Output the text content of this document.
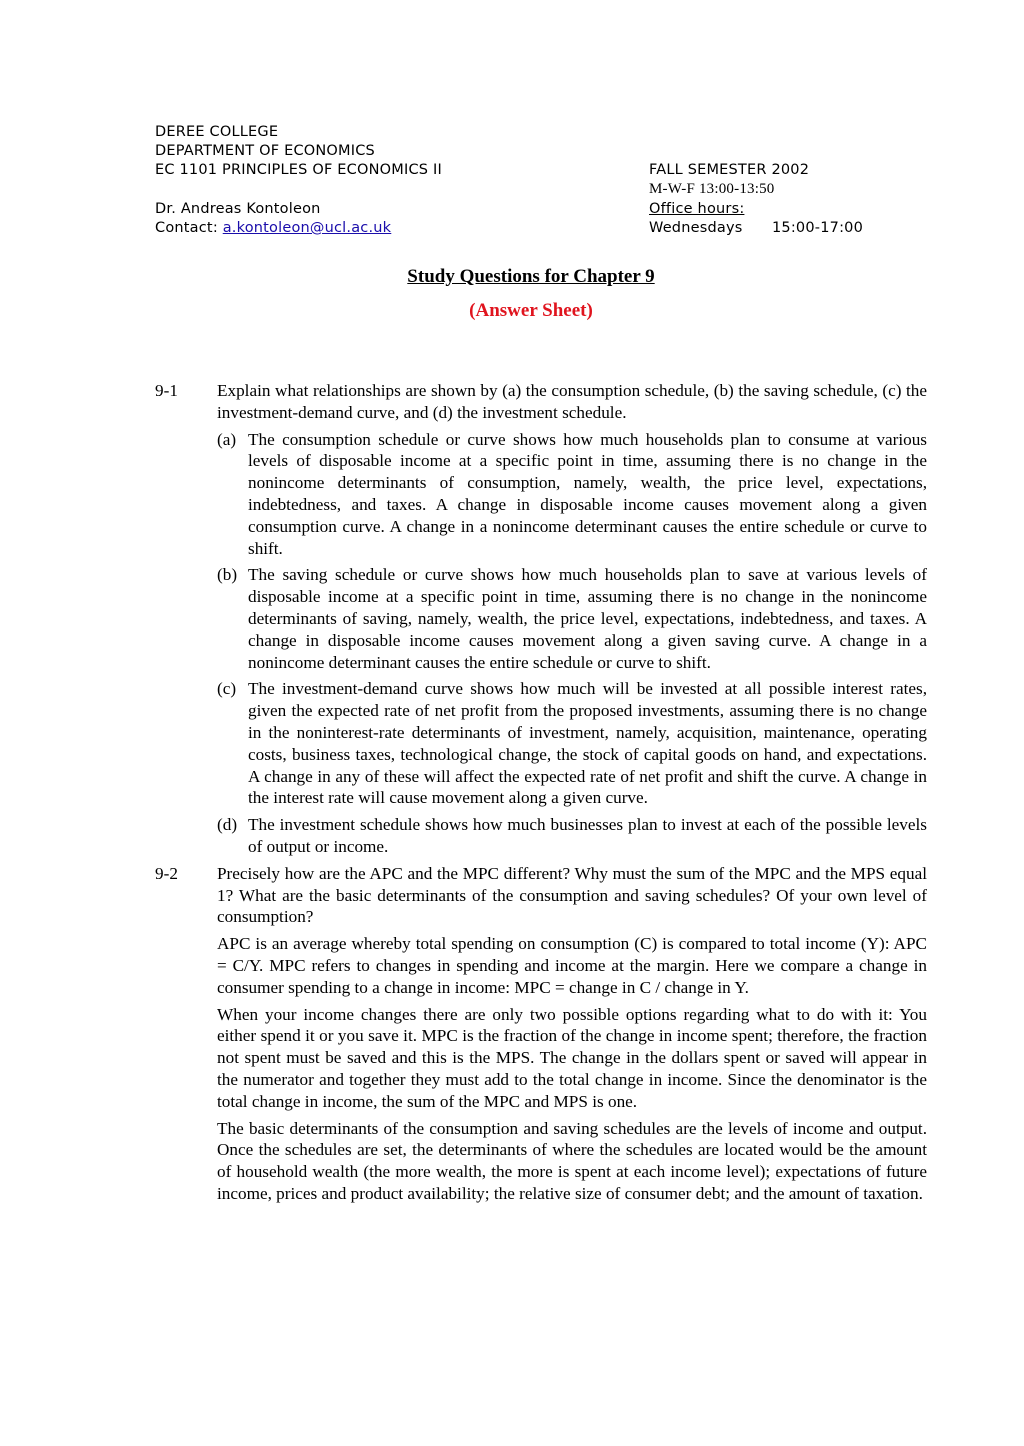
DEREE COLLEGE
DEPARTMENT OF ECONOMICS
EC 1101 PRINCIPLES OF ECONOMICS II	FALL SEMESTER 2002
M-W-F 13:00-13:50
Dr. Andreas Kontoleon	Office hours:
Contact: a.kontoleon@ucl.ac.uk	Wednesdays 15:00-17:00
Study Questions for Chapter 9
(Answer Sheet)
9-1	Explain what relationships are shown by (a) the consumption schedule, (b) the saving schedule, (c) the investment-demand curve, and (d) the investment schedule.
(a) The consumption schedule or curve shows how much households plan to consume at various levels of disposable income at a specific point in time, assuming there is no change in the nonincome determinants of consumption, namely, wealth, the price level, expectations, indebtedness, and taxes. A change in disposable income causes movement along a given consumption curve. A change in a nonincome determinant causes the entire schedule or curve to shift.
(b) The saving schedule or curve shows how much households plan to save at various levels of disposable income at a specific point in time, assuming there is no change in the nonincome determinants of saving, namely, wealth, the price level, expectations, indebtedness, and taxes. A change in disposable income causes movement along a given saving curve. A change in a nonincome determinant causes the entire schedule or curve to shift.
(c) The investment-demand curve shows how much will be invested at all possible interest rates, given the expected rate of net profit from the proposed investments, assuming there is no change in the noninterest-rate determinants of investment, namely, acquisition, maintenance, operating costs, business taxes, technological change, the stock of capital goods on hand, and expectations. A change in any of these will affect the expected rate of net profit and shift the curve. A change in the interest rate will cause movement along a given curve.
(d) The investment schedule shows how much businesses plan to invest at each of the possible levels of output or income.
9-2	Precisely how are the APC and the MPC different? Why must the sum of the MPC and the MPS equal 1? What are the basic determinants of the consumption and saving schedules? Of your own level of consumption?
APC is an average whereby total spending on consumption (C) is compared to total income (Y): APC = C/Y. MPC refers to changes in spending and income at the margin. Here we compare a change in consumer spending to a change in income: MPC = change in C / change in Y.
When your income changes there are only two possible options regarding what to do with it: You either spend it or you save it. MPC is the fraction of the change in income spent; therefore, the fraction not spent must be saved and this is the MPS. The change in the dollars spent or saved will appear in the numerator and together they must add to the total change in income. Since the denominator is the total change in income, the sum of the MPC and MPS is one.
The basic determinants of the consumption and saving schedules are the levels of income and output. Once the schedules are set, the determinants of where the schedules are located would be the amount of household wealth (the more wealth, the more is spent at each income level); expectations of future income, prices and product availability; the relative size of consumer debt; and the amount of taxation.
